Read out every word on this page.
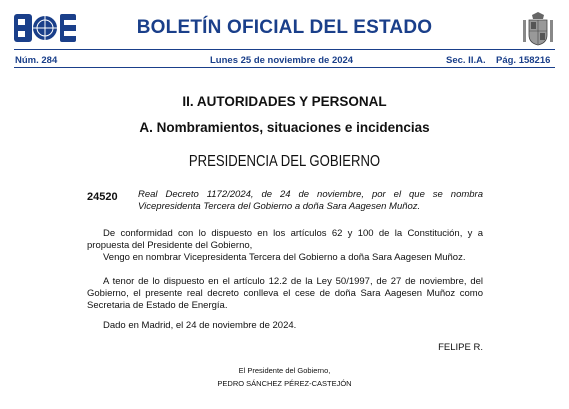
BOLETÍN OFICIAL DEL ESTADO
Núm. 284	Lunes 25 de noviembre de 2024	Sec. II.A. Pág. 158216
II. AUTORIDADES Y PERSONAL
A. Nombramientos, situaciones e incidencias
PRESIDENCIA DEL GOBIERNO
24520 Real Decreto 1172/2024, de 24 de noviembre, por el que se nombra Vicepresidenta Tercera del Gobierno a doña Sara Aagesen Muñoz.
De conformidad con lo dispuesto en los artículos 62 y 100 de la Constitución, y a propuesta del Presidente del Gobierno,
Vengo en nombrar Vicepresidenta Tercera del Gobierno a doña Sara Aagesen Muñoz.
A tenor de lo dispuesto en el artículo 12.2 de la Ley 50/1997, de 27 de noviembre, del Gobierno, el presente real decreto conlleva el cese de doña Sara Aagesen Muñoz como Secretaria de Estado de Energía.
Dado en Madrid, el 24 de noviembre de 2024.
FELIPE R.
El Presidente del Gobierno,
PEDRO SÁNCHEZ PÉREZ-CASTEJÓN
